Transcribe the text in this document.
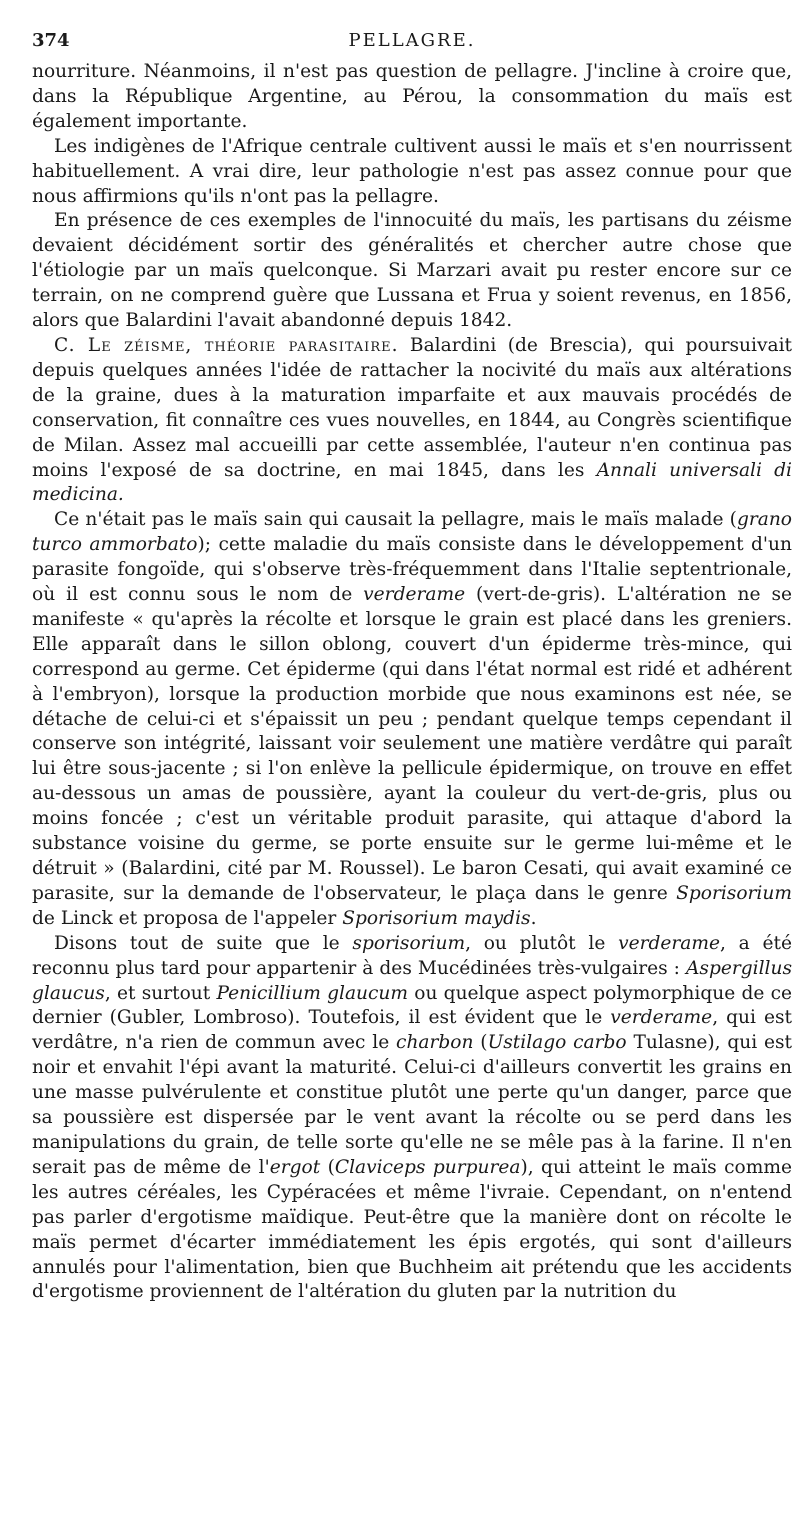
374	PELLAGRE.

nourriture. Néanmoins, il n'est pas question de pellagre. J'incline à croire que, dans la République Argentine, au Pérou, la consommation du maïs est également importante.

Les indigènes de l'Afrique centrale cultivent aussi le maïs et s'en nourrissent habituellement. A vrai dire, leur pathologie n'est pas assez connue pour que nous affirmions qu'ils n'ont pas la pellagre.

En présence de ces exemples de l'innocuité du maïs, les partisans du zéisme devaient décidément sortir des généralités et chercher autre chose que l'étiologie par un maïs quelconque. Si Marzari avait pu rester encore sur ce terrain, on ne comprend guère que Lussana et Frua y soient revenus, en 1856, alors que Balardini l'avait abandonné depuis 1842.

C. Le zéisme, théorie parasitaire. Balardini (de Brescia), qui poursuivait depuis quelques années l'idée de rattacher la nocivité du maïs aux altérations de la graine, dues à la maturation imparfaite et aux mauvais procédés de conservation, fit connaître ces vues nouvelles, en 1844, au Congrès scientifique de Milan. Assez mal accueilli par cette assemblée, l'auteur n'en continua pas moins l'exposé de sa doctrine, en mai 1845, dans les Annali universali di medicina.

Ce n'était pas le maïs sain qui causait la pellagre, mais le maïs malade (grano turco ammorbato); cette maladie du maïs consiste dans le développement d'un parasite fongoïde, qui s'observe très-fréquemment dans l'Italie septentrionale, où il est connu sous le nom de verderame (vert-de-gris). L'altération ne se manifeste « qu'après la récolte et lorsque le grain est placé dans les greniers. Elle apparaît dans le sillon oblong, couvert d'un épiderme très-mince, qui correspond au germe. Cet épiderme (qui dans l'état normal est ridé et adhérent à l'embryon), lorsque la production morbide que nous examinons est née, se détache de celui-ci et s'épaissit un peu ; pendant quelque temps cependant il conserve son intégrité, laissant voir seulement une matière verdâtre qui paraît lui être sous-jacente ; si l'on enlève la pellicule épidermique, on trouve en effet au-dessous un amas de poussière, ayant la couleur du vert-de-gris, plus ou moins foncée ; c'est un véritable produit parasite, qui attaque d'abord la substance voisine du germe, se porte ensuite sur le germe lui-même et le détruit » (Balardini, cité par M. Roussel). Le baron Cesati, qui avait examiné ce parasite, sur la demande de l'observateur, le plaça dans le genre Sporisorium de Linck et proposa de l'appeler Sporisorium maydis.

Disons tout de suite que le sporisorium, ou plutôt le verderame, a été reconnu plus tard pour appartenir à des Mucédinées très-vulgaires : Aspergillus glaucus, et surtout Penicillium glaucum ou quelque aspect polymorphique de ce dernier (Gubler, Lombroso). Toutefois, il est évident que le verderame, qui est verdâtre, n'a rien de commun avec le charbon (Ustilago carbo Tulasne), qui est noir et envahit l'épi avant la maturité. Celui-ci d'ailleurs convertit les grains en une masse pulvérulente et constitue plutôt une perte qu'un danger, parce que sa poussière est dispersée par le vent avant la récolte ou se perd dans les manipulations du grain, de telle sorte qu'elle ne se mêle pas à la farine. Il n'en serait pas de même de l'ergot (Claviceps purpurea), qui atteint le maïs comme les autres céréales, les Cypéracées et même l'ivraie. Cependant, on n'entend pas parler d'ergotisme maïdique. Peut-être que la manière dont on récolte le maïs permet d'écarter immédiatement les épis ergotés, qui sont d'ailleurs annulés pour l'alimentation, bien que Buchheim ait prétendu que les accidents d'ergotisme proviennent de l'altération du gluten par la nutrition du
